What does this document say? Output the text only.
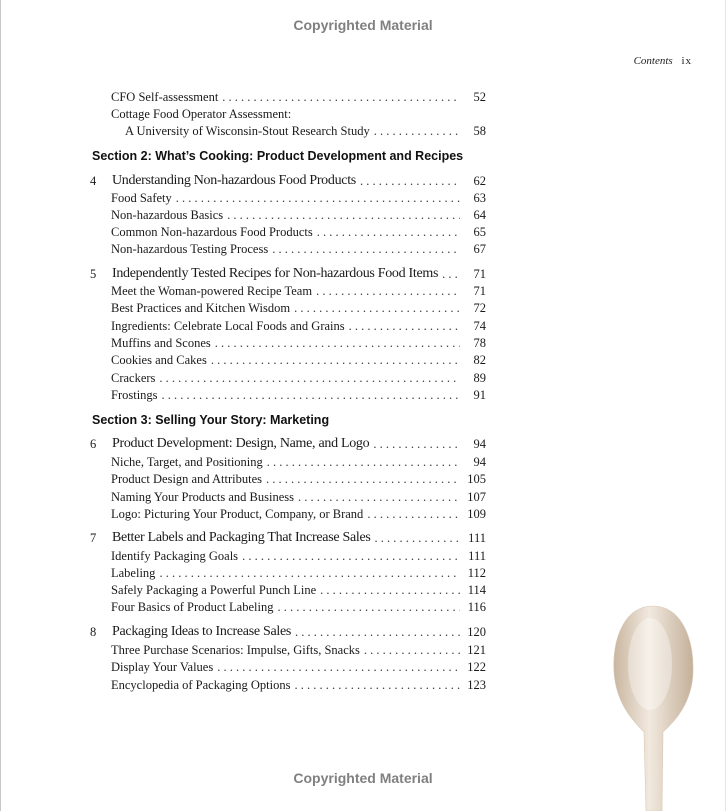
Copyrighted Material
Contents ix
CFO Self-assessment . . .	52
Cottage Food Operator Assessment:
A University of Wisconsin-Stout Research Study . . .	58
Section 2: What’s Cooking: Product Development and Recipes
4	Understanding Non-hazardous Food Products . . .	62
Food Safety . . .	63
Non-hazardous Basics . . .	64
Common Non-hazardous Food Products . . .	65
Non-hazardous Testing Process . . .	67
5	Independently Tested Recipes for Non-hazardous Food Items . . .	71
Meet the Woman-powered Recipe Team . . .	71
Best Practices and Kitchen Wisdom . . .	72
Ingredients: Celebrate Local Foods and Grains . . .	74
Muffins and Scones . . .	78
Cookies and Cakes . . .	82
Crackers . . .	89
Frostings . . .	91
Section 3: Selling Your Story: Marketing
6	Product Development: Design, Name, and Logo . . .	94
Niche, Target, and Positioning . . .	94
Product Design and Attributes . . .	105
Naming Your Products and Business . . .	107
Logo: Picturing Your Product, Company, or Brand . . .	109
7	Better Labels and Packaging That Increase Sales . . .	111
Identify Packaging Goals . . .	111
Labeling . . .	112
Safely Packaging a Powerful Punch Line . . .	114
Four Basics of Product Labeling . . .	116
8	Packaging Ideas to Increase Sales . . .	120
Three Purchase Scenarios: Impulse, Gifts, Snacks . . .	121
Display Your Values . . .	122
Encyclopedia of Packaging Options . . .	123
Copyrighted Material
